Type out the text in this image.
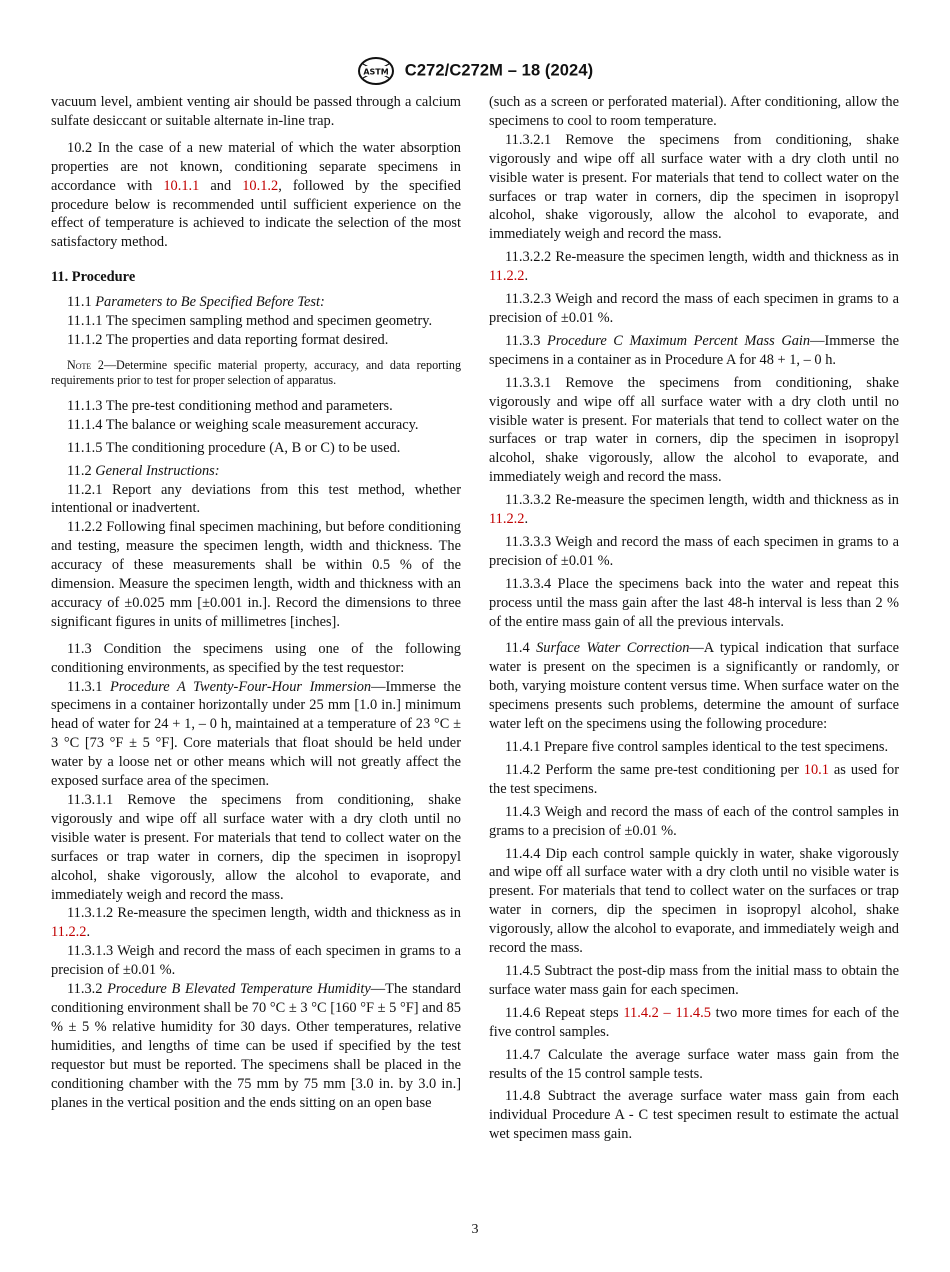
ASTM C272/C272M – 18 (2024)

vacuum level, ambient venting air should be passed through a calcium sulfate desiccant or suitable alternate in-line trap.

10.2 In the case of a new material of which the water absorption properties are not known, conditioning separate specimens in accordance with 10.1.1 and 10.1.2, followed by the specified procedure below is recommended until sufficient experience on the effect of temperature is achieved to indicate the selection of the most satisfactory method.

11. Procedure

11.1 Parameters to Be Specified Before Test:

11.1.1 The specimen sampling method and specimen geometry.

11.1.2 The properties and data reporting format desired.

Note 2—Determine specific material property, accuracy, and data reporting requirements prior to test for proper selection of apparatus.

11.1.3 The pre-test conditioning method and parameters.

11.1.4 The balance or weighing scale measurement accuracy.

11.1.5 The conditioning procedure (A, B or C) to be used.

11.2 General Instructions:

11.2.1 Report any deviations from this test method, whether intentional or inadvertent.

11.2.2 Following final specimen machining, but before conditioning and testing, measure the specimen length, width and thickness. The accuracy of these measurements shall be within 0.5 % of the dimension. Measure the specimen length, width and thickness with an accuracy of ±0.025 mm [±0.001 in.]. Record the dimensions to three significant figures in units of millimetres [inches].

11.3 Condition the specimens using one of the following conditioning environments, as specified by the test requestor:

11.3.1 Procedure A Twenty-Four-Hour Immersion—Immerse the specimens in a container horizontally under 25 mm [1.0 in.] minimum head of water for 24 + 1, – 0 h, maintained at a temperature of 23 °C ± 3 °C [73 °F ± 5 °F]. Core materials that float should be held under water by a loose net or other means which will not greatly affect the exposed surface area of the specimen.

11.3.1.1 Remove the specimens from conditioning, shake vigorously and wipe off all surface water with a dry cloth until no visible water is present. For materials that tend to collect water on the surfaces or trap water in corners, dip the specimen in isopropyl alcohol, shake vigorously, allow the alcohol to evaporate, and immediately weigh and record the mass.

11.3.1.2 Re-measure the specimen length, width and thickness as in 11.2.2.

11.3.1.3 Weigh and record the mass of each specimen in grams to a precision of ±0.01 %.

11.3.2 Procedure B Elevated Temperature Humidity—The standard conditioning environment shall be 70 °C ± 3 °C [160 °F ± 5 °F] and 85 % ± 5 % relative humidity for 30 days. Other temperatures, relative humidities, and lengths of time can be used if specified by the test requestor but must be reported. The specimens shall be placed in the conditioning chamber with the 75 mm by 75 mm [3.0 in. by 3.0 in.] planes in the vertical position and the ends sitting on an open base

(such as a screen or perforated material). After conditioning, allow the specimens to cool to room temperature.

11.3.2.1 Remove the specimens from conditioning, shake vigorously and wipe off all surface water with a dry cloth until no visible water is present. For materials that tend to collect water on the surfaces or trap water in corners, dip the specimen in isopropyl alcohol, shake vigorously, allow the alcohol to evaporate, and immediately weigh and record the mass.

11.3.2.2 Re-measure the specimen length, width and thickness as in 11.2.2.

11.3.2.3 Weigh and record the mass of each specimen in grams to a precision of ±0.01 %.

11.3.3 Procedure C Maximum Percent Mass Gain—Immerse the specimens in a container as in Procedure A for 48 + 1, – 0 h.

11.3.3.1 Remove the specimens from conditioning, shake vigorously and wipe off all surface water with a dry cloth until no visible water is present. For materials that tend to collect water on the surfaces or trap water in corners, dip the specimen in isopropyl alcohol, shake vigorously, allow the alcohol to evaporate, and immediately weigh and record the mass.

11.3.3.2 Re-measure the specimen length, width and thickness as in 11.2.2.

11.3.3.3 Weigh and record the mass of each specimen in grams to a precision of ±0.01 %.

11.3.3.4 Place the specimens back into the water and repeat this process until the mass gain after the last 48-h interval is less than 2 % of the entire mass gain of all the previous intervals.

11.4 Surface Water Correction—A typical indication that surface water is present on the specimen is a significantly or randomly, or both, varying moisture content versus time. When surface water on the specimens presents such problems, determine the amount of surface water left on the specimens using the following procedure:

11.4.1 Prepare five control samples identical to the test specimens.

11.4.2 Perform the same pre-test conditioning per 10.1 as used for the test specimens.

11.4.3 Weigh and record the mass of each of the control samples in grams to a precision of ±0.01 %.

11.4.4 Dip each control sample quickly in water, shake vigorously and wipe off all surface water with a dry cloth until no visible water is present. For materials that tend to collect water on the surfaces or trap water in corners, dip the specimen in isopropyl alcohol, shake vigorously, allow the alcohol to evaporate, and immediately weigh and record the mass.

11.4.5 Subtract the post-dip mass from the initial mass to obtain the surface water mass gain for each specimen.

11.4.6 Repeat steps 11.4.2 – 11.4.5 two more times for each of the five control samples.

11.4.7 Calculate the average surface water mass gain from the results of the 15 control sample tests.

11.4.8 Subtract the average surface water mass gain from each individual Procedure A - C test specimen result to estimate the actual wet specimen mass gain.

3
